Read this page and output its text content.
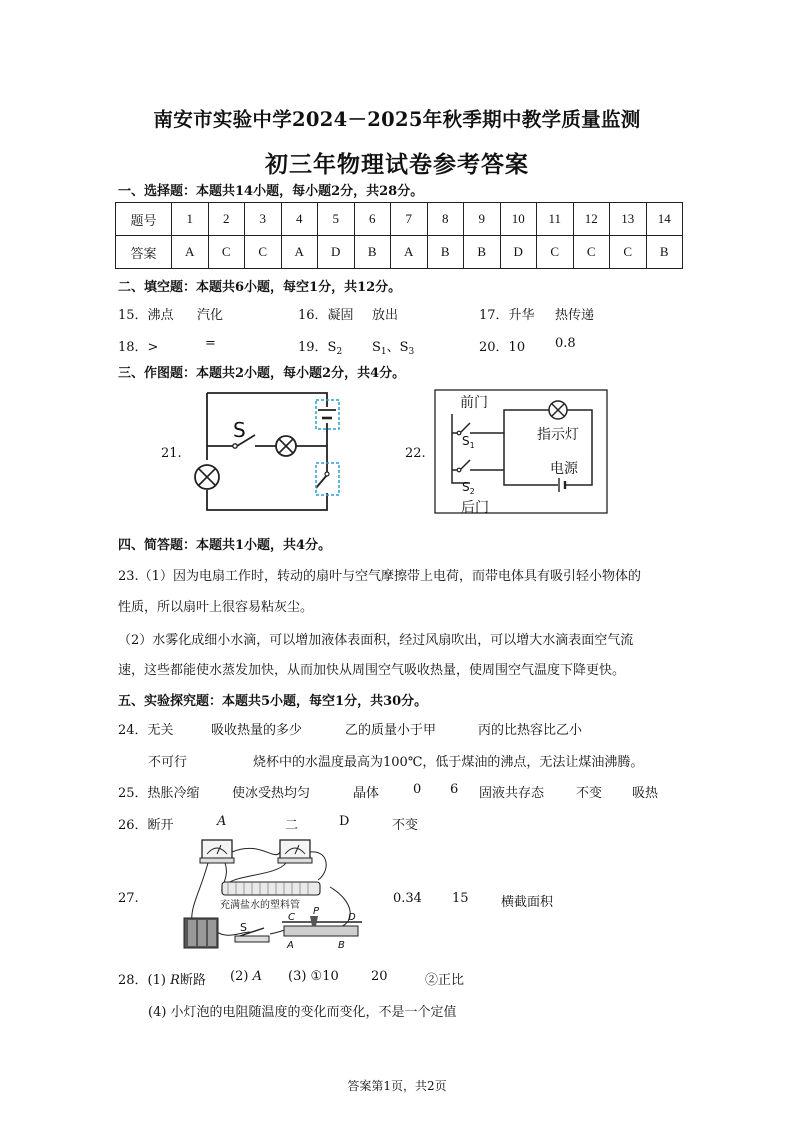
南安市实验中学2024－2025年秋季期中教学质量监测
初三年物理试卷参考答案
一、选择题：本题共14小题，每小题2分，共28分。
题号	1	2	3	4	5	6	7	8	9	10	11	12	13	14
答案	A	C	C	A	D	B	A	B	B	D	C	C	C	B
二、填空题：本题共6小题，每空1分，共12分。
15．沸点 汽化	16．凝固 放出	17．升华 热传递
18．>	=	19．$S_2$ $S_1$、$S_3$	20．10 0.8
三、作图题：本题共2小题，每小题2分，共4分。
21.	22.
S
前门
后门
指示灯
电源
$S_1$
$S_2$
四、简答题：本题共1小题，共4分。
23.（1）因为电扇工作时，转动的扇叶与空气摩擦带上电荷，而带电体具有吸引轻小物体的
性质，所以扇叶上很容易粘灰尘。
（2）水雾化成细小水滴，可以增加液体表面积，经过风扇吹出，可以增大水滴表面空气流
速，这些都能使水蒸发加快，从而加快从周围空气吸收热量，使周围空气温度下降更快。
五、实验探究题：本题共5小题，每空1分，共30分。
24．无关	吸收热量的多少	乙的质量小于甲	丙的比热容比乙小
不可行	烧杯中的水温度最高为100℃，低于煤油的沸点，无法让煤油沸腾。
25．热胀冷缩 使冰受热均匀	晶体	0 6 固液共存态 不变 吸热
26．断开	A	二	D	不变
27.	0.34 15 横截面积
充满盐水的塑料管
S
P
C	D
A	B
28．(1) R断路 (2) A (3) ①10 20	②正比
(4) 小灯泡的电阻随温度的变化而变化，不是一个定值
答案第1页，共2页
